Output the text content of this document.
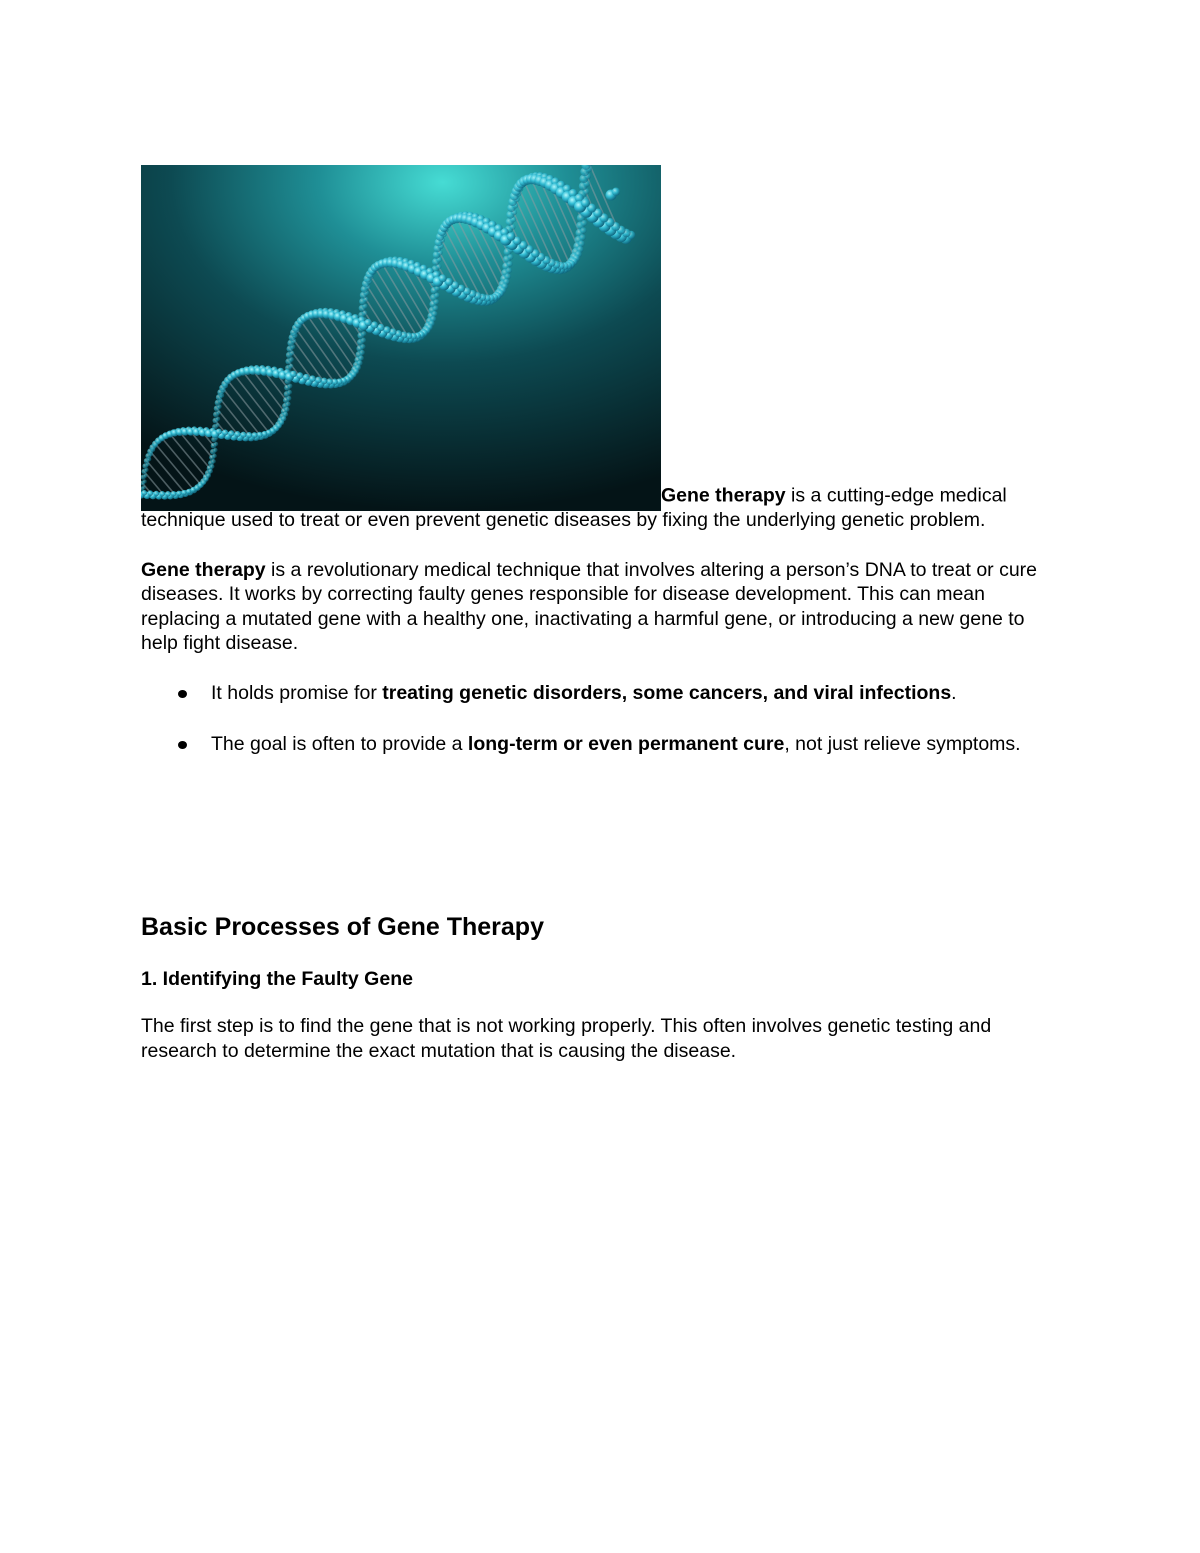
Gene therapy is a cutting-edge medical technique used to treat or even prevent genetic diseases by fixing the underlying genetic problem.

Gene therapy is a revolutionary medical technique that involves altering a person’s DNA to treat or cure diseases. It works by correcting faulty genes responsible for disease development. This can mean replacing a mutated gene with a healthy one, inactivating a harmful gene, or introducing a new gene to help fight disease.

It holds promise for treating genetic disorders, some cancers, and viral infections.
The goal is often to provide a long-term or even permanent cure, not just relieve symptoms.
Basic Processes of Gene Therapy
1. Identifying the Faulty Gene

The first step is to find the gene that is not working properly. This often involves genetic testing and research to determine the exact mutation that is causing the disease.
